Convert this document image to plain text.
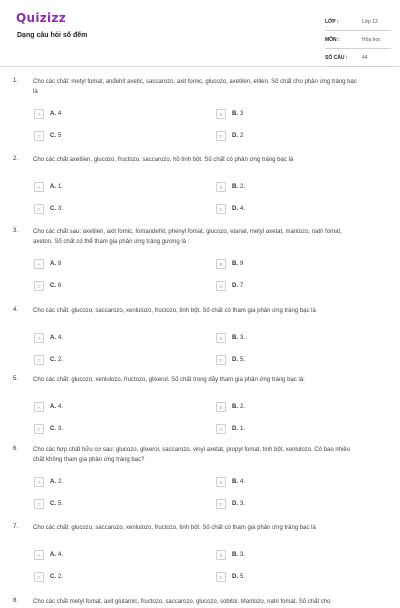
Quizizz
Dạng câu hỏi số đếm
LỚP :	Lớp 12
MÔN :	Hóa học
SỐ CÂU :	44
1. Cho các chất: metyl fomat, anđehit axetic, saccarozo, axit fomic, glucozo, axetilen, etilen. Số chất cho phản ứng tráng bạc là
A	A. 4	B	B. 3
C	C. 5	D	D. 2
2. Cho các chất axetilen, glucozo, fructozo, saccarozo, hồ tinh bột. Số chất có phản ứng tráng bạc là
A	A. 1.	B	B. 2.
C	C. 3.	D	D. 4.
3. Cho các chất sau: axetilen, axit fomic, fomandehit, phenyl fomat, glucozo, etanal, metyl axetat, mantozo, natri fomat, axeton. Số chất có thể tham gia phản ứng tráng gương là :
A	A. 8	B	B. 9
C	C. 6	D	D. 7
4. Cho các chất: glucozo, saccarozo, xenlulozo, fructozo, tinh bột. Số chất có tham gia phản ứng tráng bạc là
A	A. 4.	B	B. 3.
C	C. 2.	D	D. 5.
5. Cho các chất: glucozo, xenlulozo, fructozo, glixerol. Số chất trong dãy tham gia phản ứng tráng bạc là:
A	A. 4.	B	B. 2.
C	C. 3.	D	D. 1.
6. Cho các hợp chất hữu cơ sau: glucozo, glixerol, saccarozo, vinyl axetat, propyl fomat, tinh bột, xenlulozo. Có bao nhiêu chất không tham gia phản ứng tráng bạc?
A	A. 2.	B	B. 4.
C	C. 5.	D	D. 3.
7. Cho các chất: glucozo, saccarozo, xenlulozo, fructozo, tinh bột. Số chất có tham gia phản ứng tráng bạc là
A	A. 4.	B	B. 3.
C	C. 2.	D	D. 5.
8. Cho các chất metyl fomat, axit glutamic, fructozo, saccarozo, glucozo, sobitol. Mantozo, natri fomat. Số chất cho
